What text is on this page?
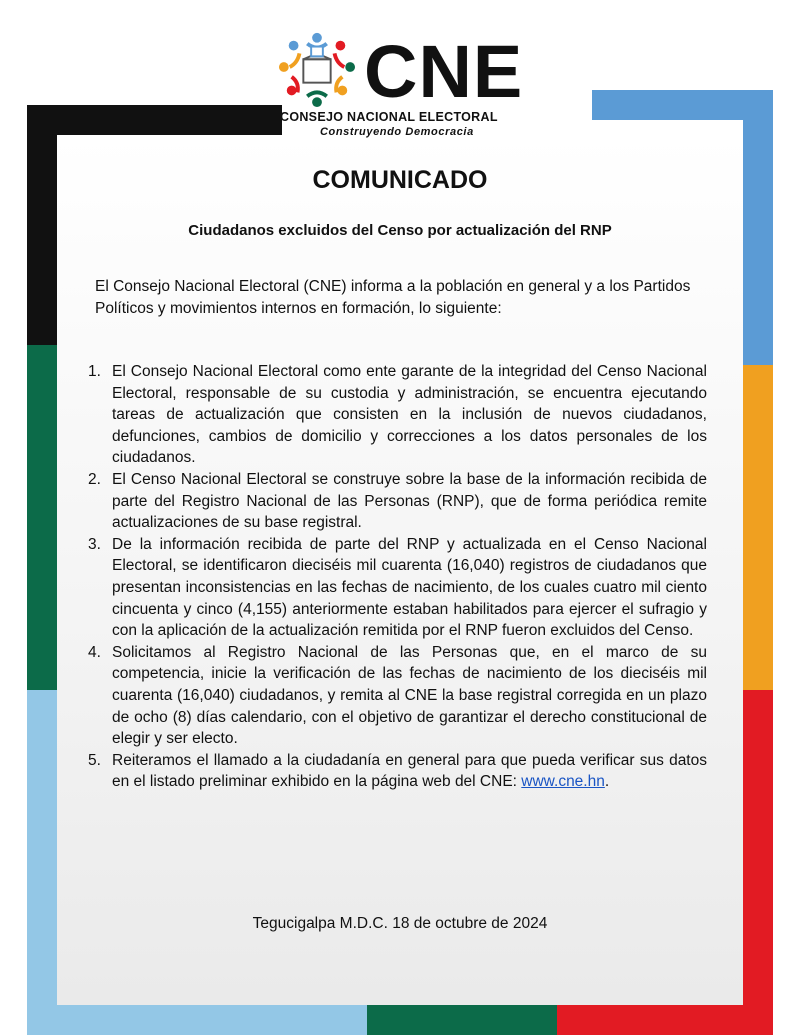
CNE
CONSEJO NACIONAL ELECTORAL
Construyendo Democracia
COMUNICADO
Ciudadanos excluidos del Censo por actualización del RNP
El Consejo Nacional Electoral (CNE) informa a la población en general y a los Partidos Políticos y movimientos internos en formación, lo siguiente:
1. El Consejo Nacional Electoral como ente garante de la integridad del Censo Nacional Electoral, responsable de su custodia y administración, se encuentra ejecutando tareas de actualización que consisten en la inclusión de nuevos ciudadanos, defunciones, cambios de domicilio y correcciones a los datos personales de los ciudadanos.
2. El Censo Nacional Electoral se construye sobre la base de la información recibida de parte del Registro Nacional de las Personas (RNP), que de forma periódica remite actualizaciones de su base registral.
3. De la información recibida de parte del RNP y actualizada en el Censo Nacional Electoral, se identificaron dieciséis mil cuarenta (16,040) registros de ciudadanos que presentan inconsistencias en las fechas de nacimiento, de los cuales cuatro mil ciento cincuenta y cinco (4,155) anteriormente estaban habilitados para ejercer el sufragio y con la aplicación de la actualización remitida por el RNP fueron excluidos del Censo.
4. Solicitamos al Registro Nacional de las Personas que, en el marco de su competencia, inicie la verificación de las fechas de nacimiento de los dieciséis mil cuarenta (16,040) ciudadanos, y remita al CNE la base registral corregida en un plazo de ocho (8) días calendario, con el objetivo de garantizar el derecho constitucional de elegir y ser electo.
5. Reiteramos el llamado a la ciudadanía en general para que pueda verificar sus datos en el listado preliminar exhibido en la página web del CNE: www.cne.hn.
Tegucigalpa M.D.C. 18 de octubre de 2024
